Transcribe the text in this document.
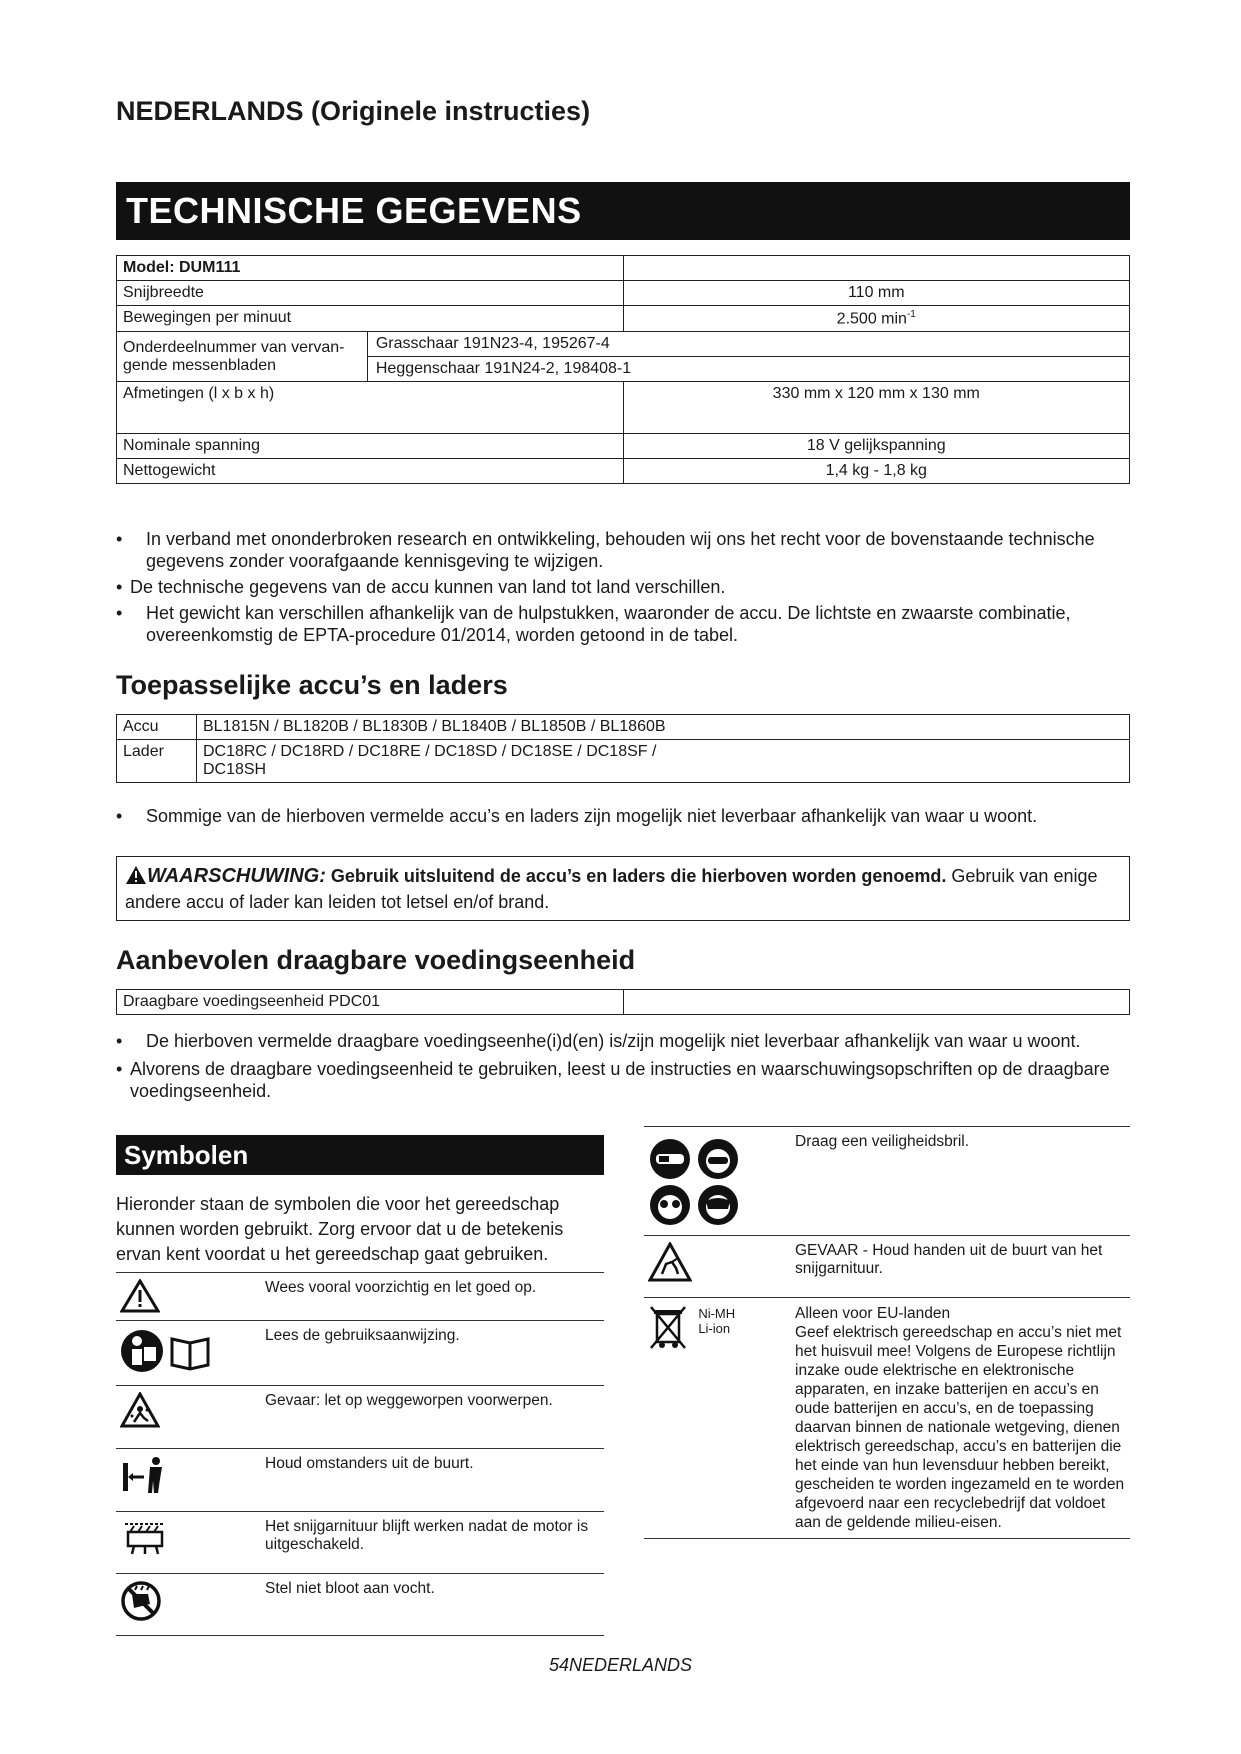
NEDERLANDS (Originele instructies)
TECHNISCHE GEGEVENS
Model: DUM111		
Snijbreedte		110 mm
Bewegingen per minuut		2.500 $\min^{-1}$
Onderdeelnummer van vervan-gende messenbladen	Grasschaar 191N23-4, 195267-4	
	Heggenschaar 191N24-2, 198408-1	
Afmetingen (l x b x h)		330 mm x 120 mm x 130 mm
Nominale spanning		18 V gelijkspanning
Nettogewicht		1,4 kg - 1,8 kg
• In verband met ononderbroken research en ontwikkeling, behouden wij ons het recht voor de bovenstaande technische gegevens zonder voorafgaande kennisgeving te wijzigen.
• De technische gegevens van de accu kunnen van land tot land verschillen.
• Het gewicht kan verschillen afhankelijk van de hulpstukken, waaronder de accu. De lichtste en zwaarste combinatie, overeenkomstig de EPTA-procedure 01/2014, worden getoond in de tabel.
Toepasselijke accu’s en laders
Accu	BL1815N / BL1820B / BL1830B / BL1840B / BL1850B / BL1860B
Lader	DC18RC / DC18RD / DC18RE / DC18SD / DC18SE / DC18SF /
DC18SH
• Sommige van de hierboven vermelde accu’s en laders zijn mogelijk niet leverbaar afhankelijk van waar u woont.
WAARSCHUWING: Gebruik uitsluitend de accu’s en laders die hierboven worden genoemd. Gebruik van enige andere accu of lader kan leiden tot letsel en/of brand.
Aanbevolen draagbare voedingseenheid
Draagbare voedingseenheid PDC01	
• De hierboven vermelde draagbare voedingseenhe(i)d(en) is/zijn mogelijk niet leverbaar afhankelijk van waar u woont.
• Alvorens de draagbare voedingseenheid te gebruiken, leest u de instructies en waarschuwingsopschriften op de draagbare voedingseenheid.
Symbolen
Hieronder staan de symbolen die voor het gereedschap kunnen worden gebruikt. Zorg ervoor dat u de betekenis ervan kent voordat u het gereedschap gaat gebruiken.
	Wees vooral voorzichtig en let goed op.

	Lees de gebruiksaanwijzing.

	Gevaar: let op weggeworpen voorwerpen.

	Houd omstanders uit de buurt.

	Het snijgarnituur blijft werken nadat de motor is uitgeschakeld.

	Stel niet bloot aan vocht.
	Draag een veiligheidsbril.

	GEVAAR - Houd handen uit de buurt van het snijgarnituur.

Ni-MH Li-ion	Alleen voor EU-landen
Geef elektrisch gereedschap en accu’s niet met het huisvuil mee! Volgens de Europese richtlijn inzake oude elektrische en elektronische apparaten, en inzake batterijen en accu’s en oude batterijen en accu’s, en de toepassing daarvan binnen de nationale wetgeving, dienen elektrisch gereedschap, accu’s en batterijen die het einde van hun levensduur hebben bereikt, gescheiden te worden ingezameld en te worden afgevoerd naar een recyclebedrijf dat voldoet aan de geldende milieu-eisen.
54NEDERLANDS
